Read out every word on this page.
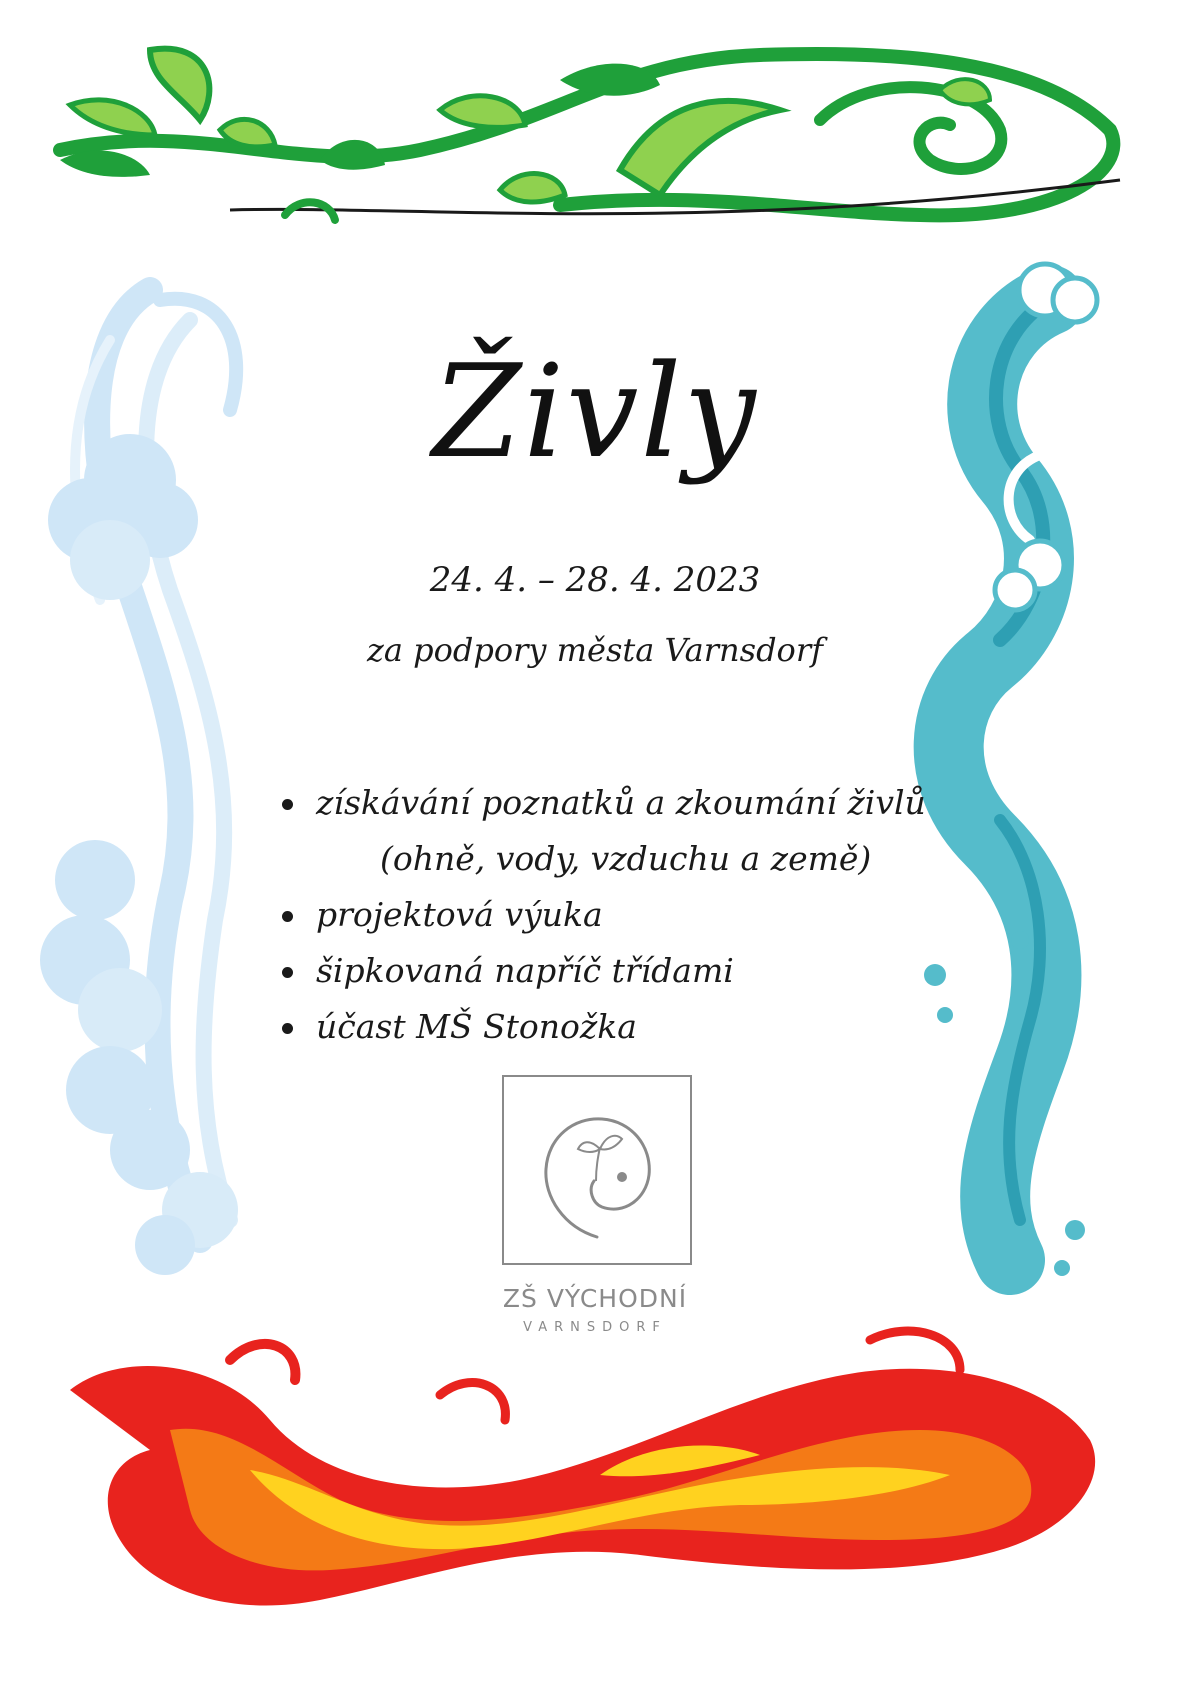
Živly
24. 4. – 28. 4. 2023
za podpory města Varnsdorf
získávání poznatků a zkoumání živlů
(ohně, vody, vzduchu a země)
projektová výuka
šipkovaná napříč třídami
účast MŠ Stonožka
ZŠ VÝCHODNÍ
VARNSDORF
